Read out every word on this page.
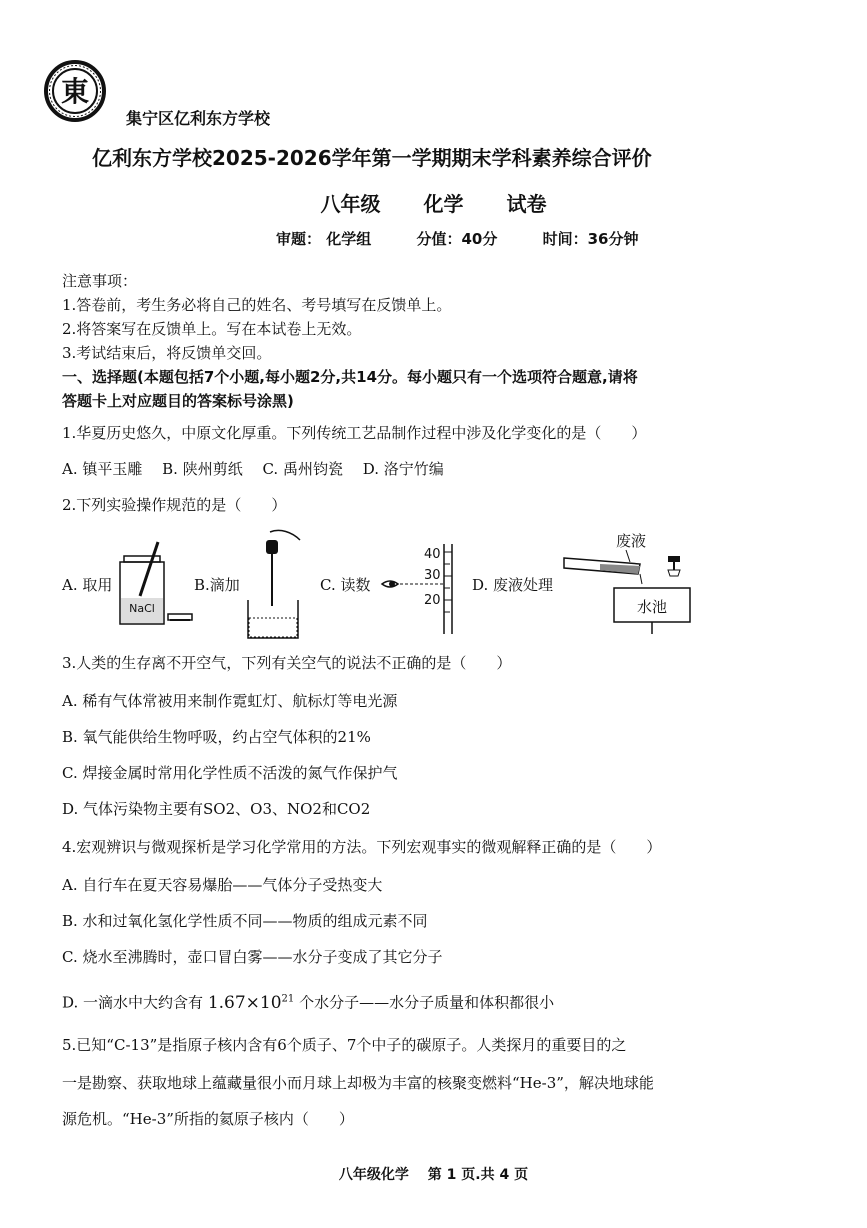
東
集宁区亿利东方学校
亿利东方学校2025-2026学年第一学期期末学科素养综合评价
八年级 化学 试卷
审题： 化学组	分值：40分	时间：36分钟
注意事项：
1.答卷前，考生务必将自己的姓名、考号填写在反馈单上。
2.将答案写在反馈单上。写在本试卷上无效。
3.考试结束后，将反馈单交回。
一、选择题(本题包括7个小题,每小题2分,共14分。每小题只有一个选项符合题意,请将
答题卡上对应题目的答案标号涂黑)
1.华夏历史悠久，中原文化厚重。下列传统工艺品制作过程中涉及化学变化的是（　　）
A. 镇平玉雕　 B. 陕州剪纸　 C. 禹州钧瓷　 D. 洛宁竹编
2.下列实验操作规范的是（　　）
A. 取用	B.滴加	C. 读数	D. 废液处理
NaCl
40
30
20
废液
水池
3.人类的生存离不开空气，下列有关空气的说法不正确的是（　　）
A. 稀有气体常被用来制作霓虹灯、航标灯等电光源
B. 氧气能供给生物呼吸，约占空气体积的21%
C. 焊接金属时常用化学性质不活泼的氮气作保护气
D. 气体污染物主要有SO2、O3、NO2和CO2
4.宏观辨识与微观探析是学习化学常用的方法。下列宏观事实的微观解释正确的是（　　）
A. 自行车在夏天容易爆胎——气体分子受热变大
B. 水和过氧化氢化学性质不同——物质的组成元素不同
C. 烧水至沸腾时，壶口冒白雾——水分子变成了其它分子
D. 一滴水中大约含有 $1.67\times 10^{21}$ 个水分子——水分子质量和体积都很小
5.已知“C-13”是指原子核内含有6个质子、7个中子的碳原子。人类探月的重要目的之
一是勘察、获取地球上蕴藏量很小而月球上却极为丰富的核聚变燃料“He-3”，解决地球能
源危机。“He-3”所指的氦原子核内（　　）
八年级化学　 第 1 页.共 4 页
